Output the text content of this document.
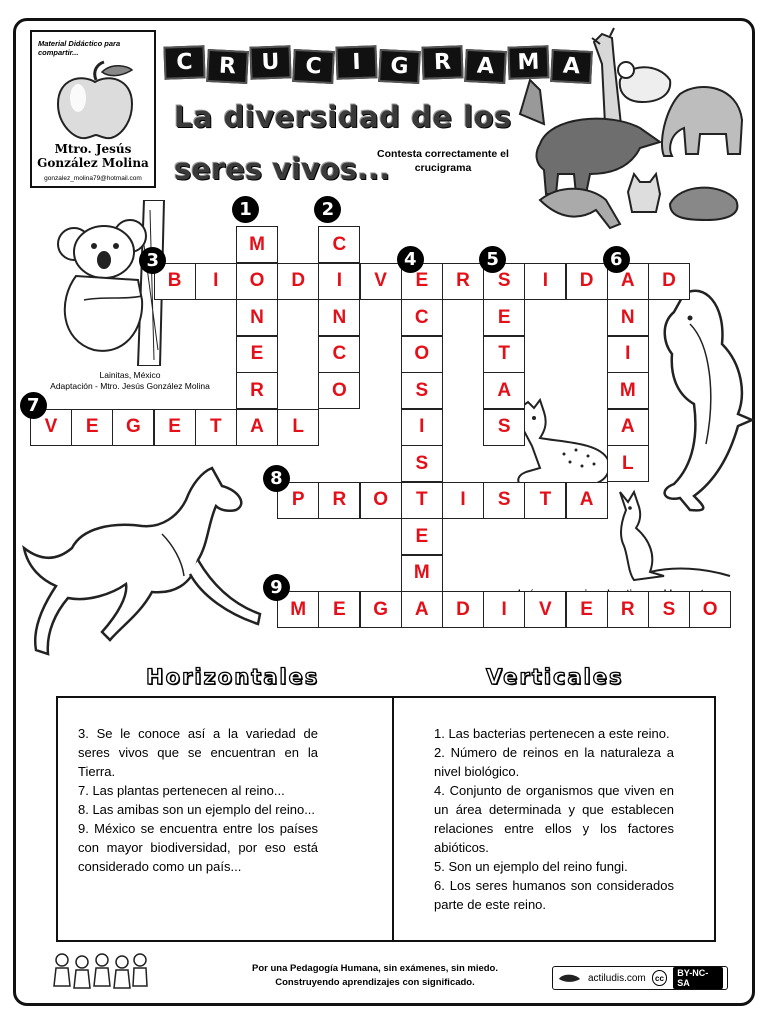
Material Didáctico para compartir...
Mtro. Jesús
González Molina
gonzalez_molina79@hotmail.com
C	R	U	C	I	G	R	A	M	A
La diversidad de los
seres vivos...
Contesta correctamente el crucigrama
Lainitas, México
Adaptación - Mtro. Jesús González Molina
B	I	O	D	I	V	E	R	S	I	D	A	D
V	E	G	E	T	A	L
P	R	O	T	I	S	T	A
M	E	G	A	D	I	V	E	R	S	O
M
N
E
R
C
N
C
O
C
O
S
I
S
E
M
E
T
A
S
N
I
M
A
L
1	2
3	4	5	6
7
8
9
Horizontales	Verticales

3. Se le conoce así a la variedad de seres vivos que se encuentran en la Tierra.

7. Las plantas pertenecen al reino...

8. Las amibas son un ejemplo del reino...

9. México se encuentra entre los países con mayor biodiversidad, por eso está considerado como un país...

1. Las bacterias pertenecen a este reino.

2. Número de reinos en la naturaleza a nivel biológico.

4. Conjunto de organismos que viven en un área determinada y que establecen relaciones entre ellos y los factores abióticos.

5. Son un ejemplo del reino fungi.

6. Los seres humanos son considerados parte de este reino.

Por una Pedagogía Humana, sin exámenes, sin miedo.
Construyendo aprendizajes con significado.	actiludis.com	cc	BY-NC-SA
